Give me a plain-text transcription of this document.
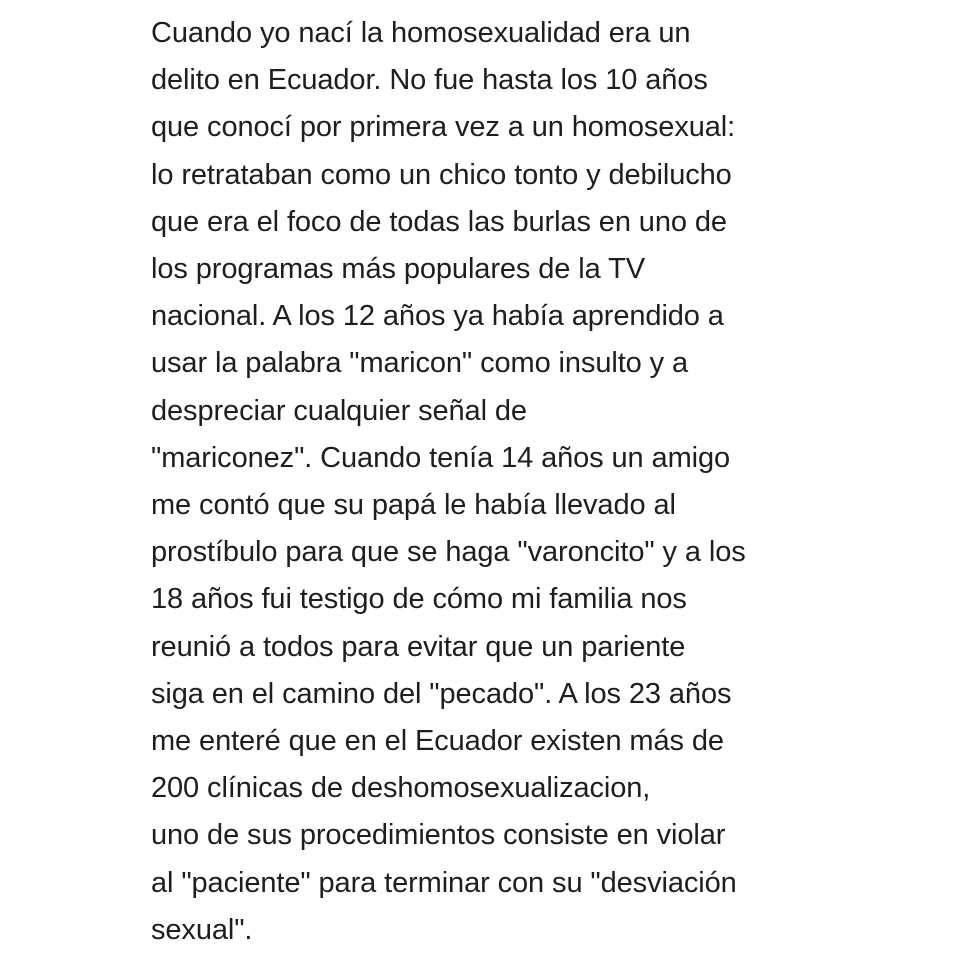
Cuando yo nací la homosexualidad era un
delito en Ecuador. No fue hasta los 10 años
que conocí por primera vez a un homosexual:
lo retrataban como un chico tonto y debilucho
que era el foco de todas las burlas en uno de
los programas más populares de la TV
nacional. A los 12 años ya había aprendido a
usar la palabra "maricon" como insulto y a
despreciar cualquier señal de
"mariconez". Cuando tenía 14 años un amigo
me contó que su papá le había llevado al
prostíbulo para que se haga "varoncito" y a los
18 años fui testigo de cómo mi familia nos
reunió a todos para evitar que un pariente
siga en el camino del "pecado". A los 23 años
me enteré que en el Ecuador existen más de
200 clínicas de deshomosexualizacion,
uno de sus procedimientos consiste en violar
al "paciente" para terminar con su "desviación
sexual".
